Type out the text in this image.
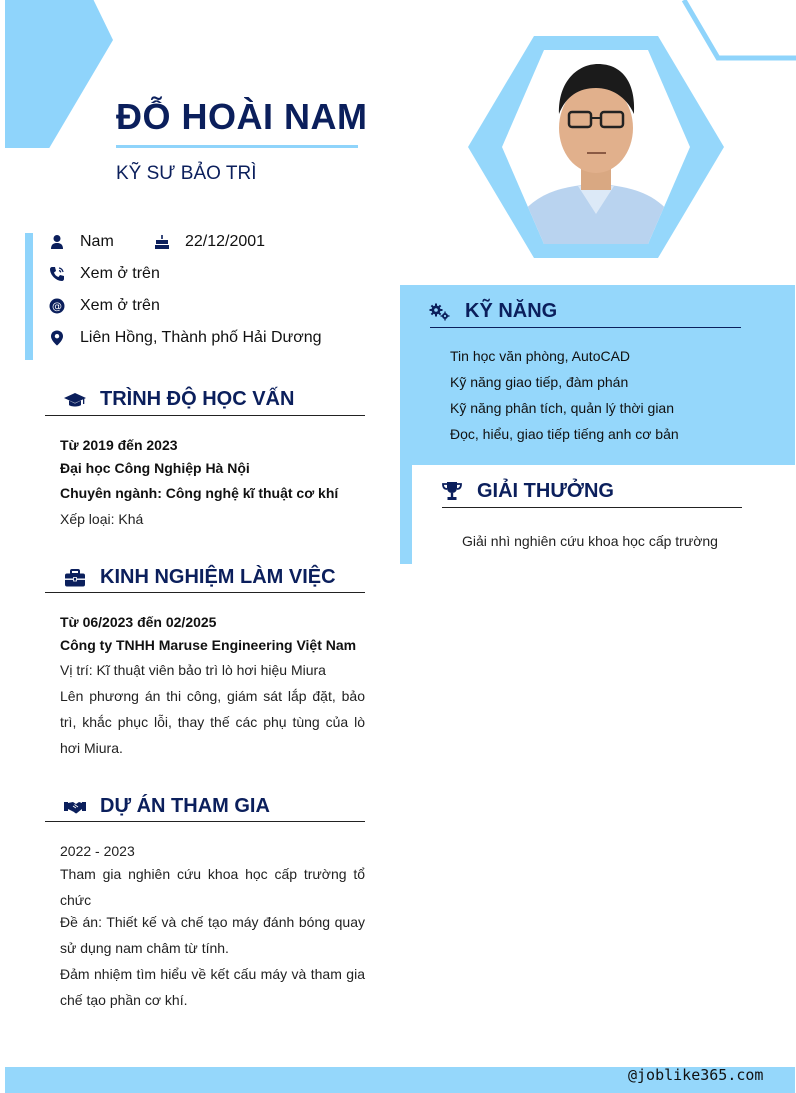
ĐỖ HOÀI NAM
KỸ SƯ BẢO TRÌ
Nam	22/12/2001
Xem ở trên
@ Xem ở trên
Liên Hồng, Thành phố Hải Dương
TRÌNH ĐỘ HỌC VẤN
Từ 2019 đến 2023
Đại học Công Nghiệp Hà Nội
Chuyên ngành: Công nghệ kĩ thuật cơ khí
Xếp loại: Khá
KINH NGHIỆM LÀM VIỆC
Từ 06/2023 đến 02/2025
Công ty TNHH Maruse Engineering Việt Nam
Vị trí: Kĩ thuật viên bảo trì lò hơi hiệu Miura
Lên phương án thi công, giám sát lắp đặt, bảo trì, khắc phục lỗi, thay thế các phụ tùng của lò hơi Miura.
DỰ ÁN THAM GIA
2022 - 2023
Tham gia nghiên cứu khoa học cấp trường tổ chức
Đề án: Thiết kế và chế tạo máy đánh bóng quay sử dụng nam châm từ tính.
Đảm nhiệm tìm hiểu về kết cấu máy và tham gia chế tạo phần cơ khí.
KỸ NĂNG
Tin học văn phòng, AutoCAD
Kỹ năng giao tiếp, đàm phán
Kỹ năng phân tích, quản lý thời gian
Đọc, hiểu, giao tiếp tiếng anh cơ bản
GIẢI THƯỞNG
Giải nhì nghiên cứu khoa học cấp trường
@joblike365.com
